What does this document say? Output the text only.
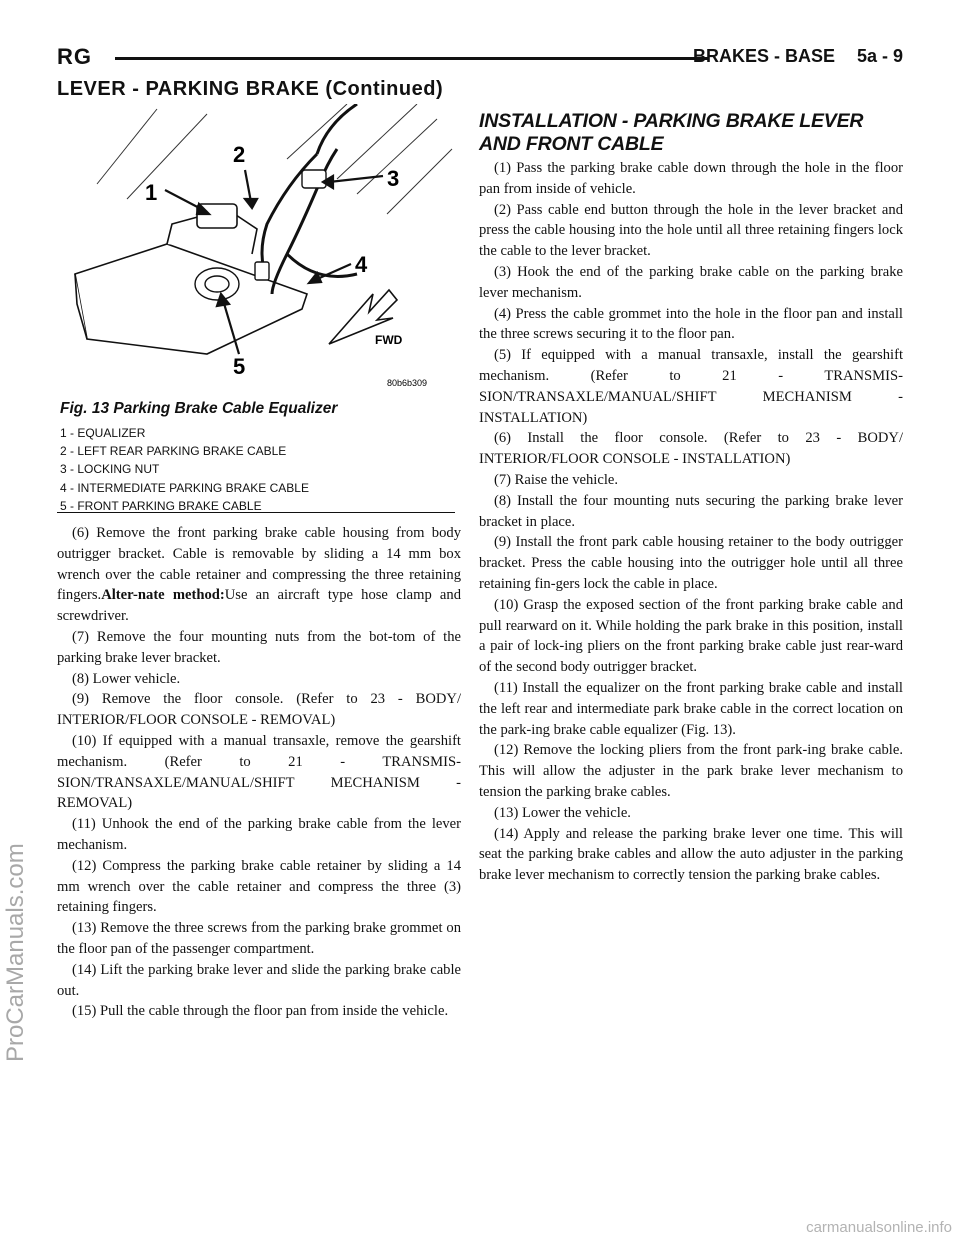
RG	BRAKES - BASE 5a - 9
LEVER - PARKING BRAKE (Continued)
1
2
3
4
5
FWD
80b6b309
Fig. 13 Parking Brake Cable Equalizer
1 - EQUALIZER
2 - LEFT REAR PARKING BRAKE CABLE
3 - LOCKING NUT
4 - INTERMEDIATE PARKING BRAKE CABLE
5 - FRONT PARKING BRAKE CABLE

(6) Remove the front parking brake cable housing from body outrigger bracket. Cable is removable by sliding a 14 mm box wrench over the cable retainer and compressing the three retaining fingers.Alter-nate method:Use an aircraft type hose clamp and screwdriver.

(7) Remove the four mounting nuts from the bot-tom of the parking brake lever bracket.

(8) Lower vehicle.

(9) Remove the floor console. (Refer to 23 - BODY/ INTERIOR/FLOOR CONSOLE - REMOVAL)

(10) If equipped with a manual transaxle, remove the gearshift mechanism. (Refer to 21 - TRANSMIS-SION/TRANSAXLE/MANUAL/SHIFT MECHANISM - REMOVAL)

(11) Unhook the end of the parking brake cable from the lever mechanism.

(12) Compress the parking brake cable retainer by sliding a 14 mm wrench over the cable retainer and compress the three (3) retaining fingers.

(13) Remove the three screws from the parking brake grommet on the floor pan of the passenger compartment.

(14) Lift the parking brake lever and slide the parking brake cable out.

(15) Pull the cable through the floor pan from inside the vehicle.

INSTALLATION - PARKING BRAKE LEVER AND FRONT CABLE

(1) Pass the parking brake cable down through the hole in the floor pan from inside of vehicle.

(2) Pass cable end button through the hole in the lever bracket and press the cable housing into the hole until all three retaining fingers lock the cable to the lever bracket.

(3) Hook the end of the parking brake cable on the parking brake lever mechanism.

(4) Press the cable grommet into the hole in the floor pan and install the three screws securing it to the floor pan.

(5) If equipped with a manual transaxle, install the gearshift mechanism. (Refer to 21 - TRANSMIS-SION/TRANSAXLE/MANUAL/SHIFT MECHANISM - INSTALLATION)

(6) Install the floor console. (Refer to 23 - BODY/ INTERIOR/FLOOR CONSOLE - INSTALLATION)

(7) Raise the vehicle.

(8) Install the four mounting nuts securing the parking brake lever bracket in place.

(9) Install the front park cable housing retainer to the body outrigger bracket. Press the cable housing into the outrigger hole until all three retaining fin-gers lock the cable in place.

(10) Grasp the exposed section of the front parking brake cable and pull rearward on it. While holding the park brake in this position, install a pair of lock-ing pliers on the front parking brake cable just rear-ward of the second body outrigger bracket.

(11) Install the equalizer on the front parking brake cable and install the left rear and intermediate park brake cable in the correct location on the park-ing brake cable equalizer (Fig. 13).

(12) Remove the locking pliers from the front park-ing brake cable. This will allow the adjuster in the park brake lever mechanism to tension the parking brake cables.

(13) Lower the vehicle.

(14) Apply and release the parking brake lever one time. This will seat the parking brake cables and allow the auto adjuster in the parking brake lever mechanism to correctly tension the parking brake cables.

ProCarManuals.com
carmanualsonline.info
